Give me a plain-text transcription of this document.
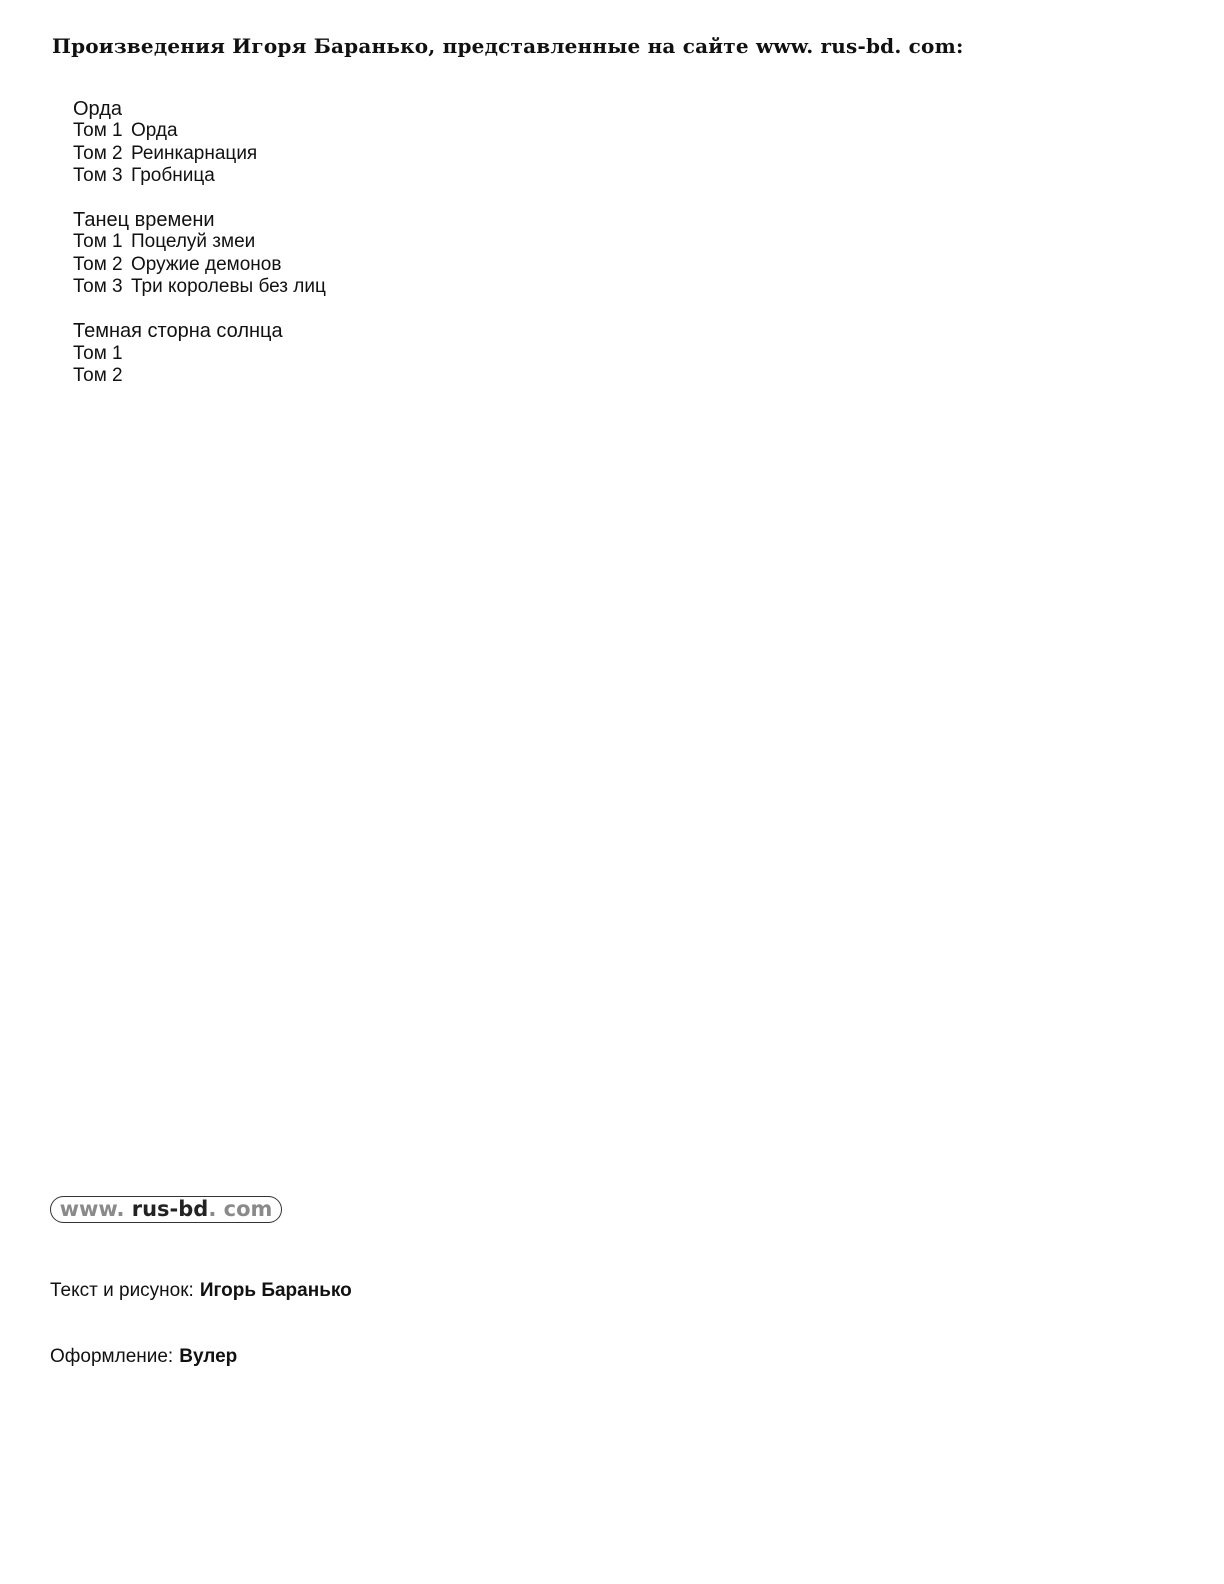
Произведения Игоря Баранько, представленные на сайте www. rus-bd. com:
Орда
Том 1 Орда
Том 2 Реинкарнация
Том 3 Гробница
Танец времени
Том 1 Поцелуй змеи
Том 2 Оружие демонов
Том 3 Три королевы без лиц
Темная сторна солнца
Том 1
Том 2
www. rus-bd. com
Текст и рисунок: Игорь Баранько
Оформление: Вулер
